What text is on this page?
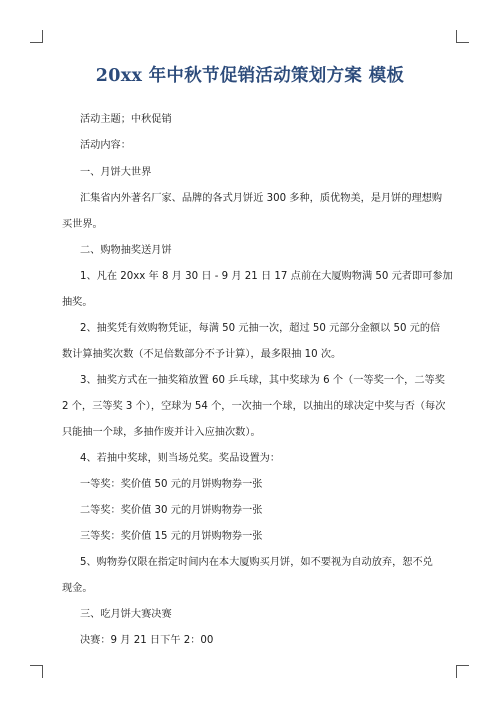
20xx 年中秋节促销活动策划方案 模板
活动主题；中秋促销
活动内容：
一、月饼大世界
汇集省内外著名厂家、品牌的各式月饼近 300 多种，质优物美，是月饼的理想购
买世界。
二、购物抽奖送月饼
1、凡在 20xx 年 8 月 30 日 - 9 月 21 日 17 点前在大厦购物满 50 元者即可参加
抽奖。
2、抽奖凭有效购物凭证，每满 50 元抽一次，超过 50 元部分金额以 50 元的倍
数计算抽奖次数（不足倍数部分不予计算），最多限抽 10 次。
3、抽奖方式在一抽奖箱放置 60 乒乓球，其中奖球为 6 个（一等奖一个，二等奖
2 个，三等奖 3 个），空球为 54 个，一次抽一个球，以抽出的球决定中奖与否（每次
只能抽一个球，多抽作废并计入应抽次数）。
4、若抽中奖球，则当场兑奖。奖品设置为：
一等奖：奖价值 50 元的月饼购物券一张
二等奖：奖价值 30 元的月饼购物券一张
三等奖：奖价值 15 元的月饼购物券一张
5、购物券仅限在指定时间内在本大厦购买月饼，如不要视为自动放弃，恕不兑
现金。
三、吃月饼大赛决赛
决赛：9 月 21 日下午 2：00
